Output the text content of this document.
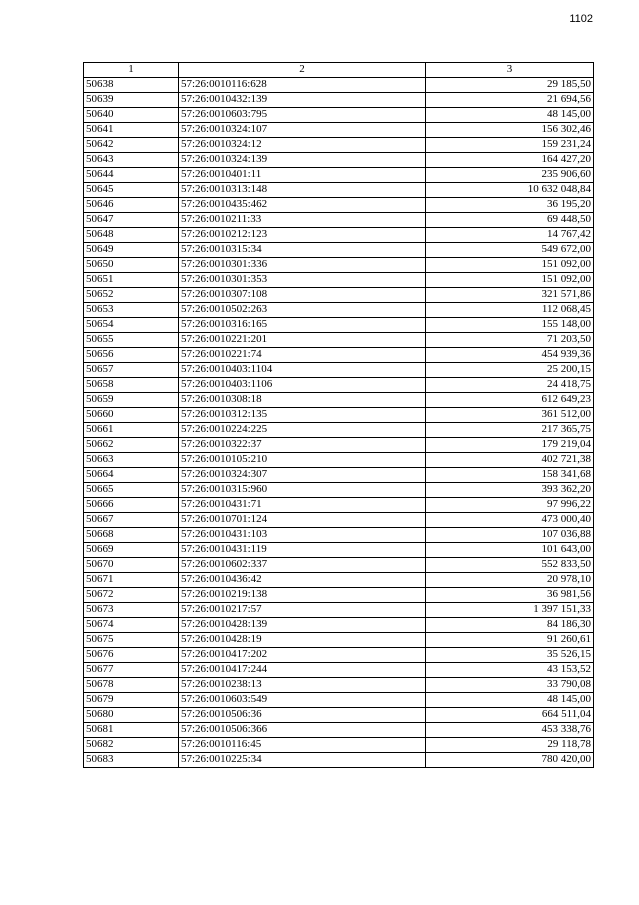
1102
1	2	3
50638	57:26:0010116:628	29 185,50
50639	57:26:0010432:139	21 694,56
50640	57:26:0010603:795	48 145,00
50641	57:26:0010324:107	156 302,46
50642	57:26:0010324:12	159 231,24
50643	57:26:0010324:139	164 427,20
50644	57:26:0010401:11	235 906,60
50645	57:26:0010313:148	10 632 048,84
50646	57:26:0010435:462	36 195,20
50647	57:26:0010211:33	69 448,50
50648	57:26:0010212:123	14 767,42
50649	57:26:0010315:34	549 672,00
50650	57:26:0010301:336	151 092,00
50651	57:26:0010301:353	151 092,00
50652	57:26:0010307:108	321 571,86
50653	57:26:0010502:263	112 068,45
50654	57:26:0010316:165	155 148,00
50655	57:26:0010221:201	71 203,50
50656	57:26:0010221:74	454 939,36
50657	57:26:0010403:1104	25 200,15
50658	57:26:0010403:1106	24 418,75
50659	57:26:0010308:18	612 649,23
50660	57:26:0010312:135	361 512,00
50661	57:26:0010224:225	217 365,75
50662	57:26:0010322:37	179 219,04
50663	57:26:0010105:210	402 721,38
50664	57:26:0010324:307	158 341,68
50665	57:26:0010315:960	393 362,20
50666	57:26:0010431:71	97 996,22
50667	57:26:0010701:124	473 000,40
50668	57:26:0010431:103	107 036,88
50669	57:26:0010431:119	101 643,00
50670	57:26:0010602:337	552 833,50
50671	57:26:0010436:42	20 978,10
50672	57:26:0010219:138	36 981,56
50673	57:26:0010217:57	1 397 151,33
50674	57:26:0010428:139	84 186,30
50675	57:26:0010428:19	91 260,61
50676	57:26:0010417:202	35 526,15
50677	57:26:0010417:244	43 153,52
50678	57:26:0010238:13	33 790,08
50679	57:26:0010603:549	48 145,00
50680	57:26:0010506:36	664 511,04
50681	57:26:0010506:366	453 338,76
50682	57:26:0010116:45	29 118,78
50683	57:26:0010225:34	780 420,00
